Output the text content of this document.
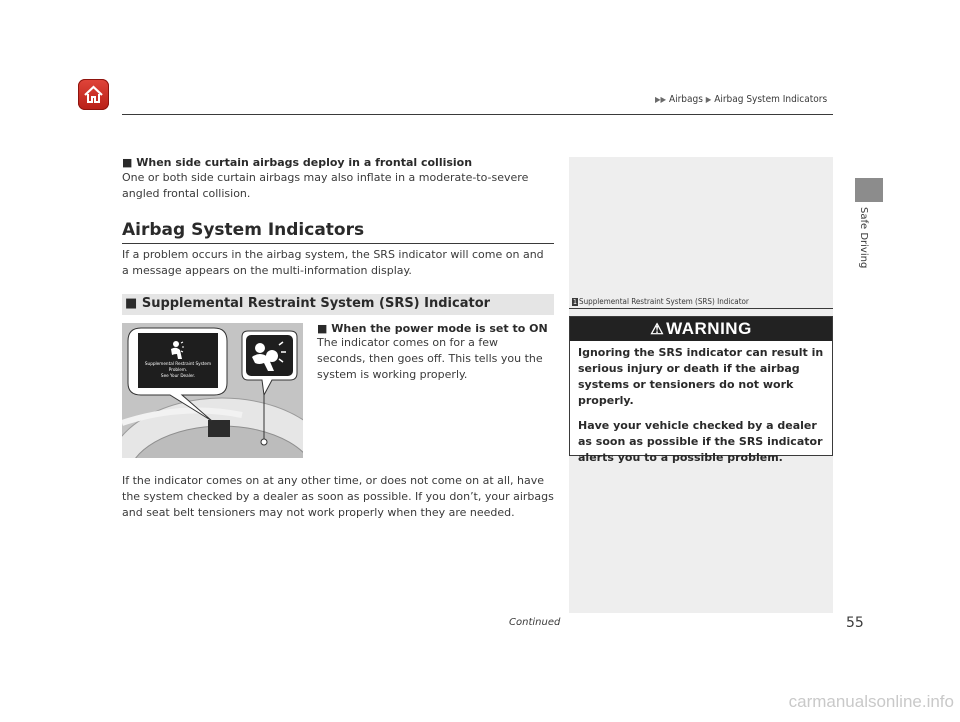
▶▶ Airbags ▶ Airbag System Indicators
Safe Driving
■ When side curtain airbags deploy in a frontal collision
One or both side curtain airbags may also inflate in a moderate-to-severe angled frontal collision.
Airbag System Indicators
If a problem occurs in the airbag system, the SRS indicator will come on and a message appears on the multi-information display.
■ Supplemental Restraint System (SRS) Indicator
Supplemental Restraint System
Problem.
See Your Dealer.
■ When the power mode is set to ON
The indicator comes on for a few seconds, then goes off. This tells you the system is working properly.
If the indicator comes on at any other time, or does not come on at all, have the system checked by a dealer as soon as possible. If you don’t, your airbags and seat belt tensioners may not work properly when they are needed.
1 Supplemental Restraint System (SRS) Indicator
⚠ WARNING

Ignoring the SRS indicator can result in serious injury or death if the airbag systems or tensioners do not work properly.

Have your vehicle checked by a dealer as soon as possible if the SRS indicator alerts you to a possible problem.

Continued	55
carmanualsonline.info
